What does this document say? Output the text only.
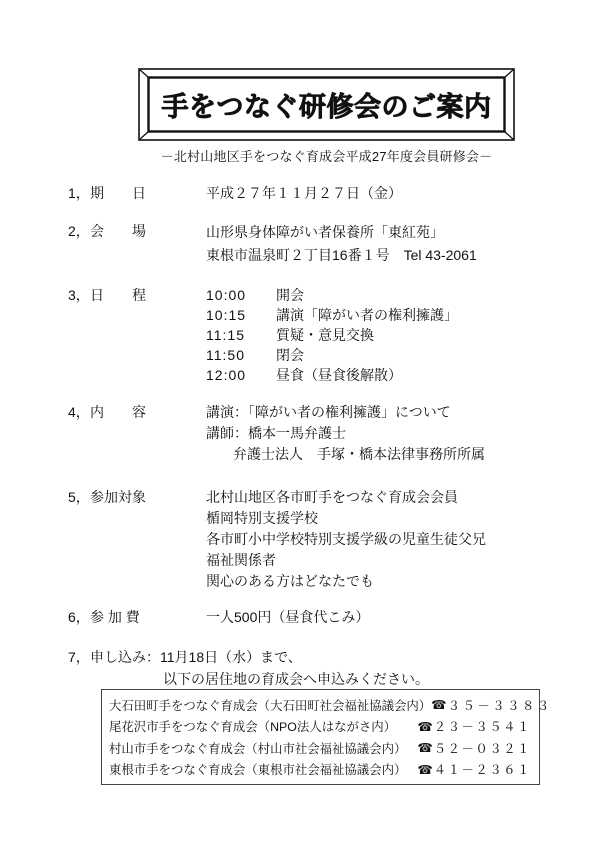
手をつなぐ研修会のご案内
－北村山地区手をつなぐ育成会平成27年度会員研修会－
1， 期　　日	平成２７年１１月２７日（金）
2， 会　　場	山形県身体障がい者保養所「東紅苑」
東根市温泉町２丁目16番１号　Tel 43-2061
3， 日　　程	10:00	開会
10:15	講演「障がい者の権利擁護」
11:15	質疑・意見交換
11:50	閉会
12:00	昼食（昼食後解散）
4， 内　　容	講演：「障がい者の権利擁護」について
講師：橋本一馬弁護士
弁護士法人　手塚・橋本法律事務所所属
5， 参加対象	北村山地区各市町手をつなぐ育成会会員
楯岡特別支援学校
各市町小中学校特別支援学級の児童生徒父兄
福祉関係者
関心のある方はどなたでも
6， 参 加 費	一人500円（昼食代こみ）
7，申し込み：11月18日（水）まで、
以下の居住地の育成会へ申込みください。
大石田町手をつなぐ育成会（大石田町社会福祉協議会内） ☎ ３５－３３８３
尾花沢市手をつなぐ育成会（NPO法人はながさ内） ☎ ２３－３５４１
村山市手をつなぐ育成会（村山市社会福祉協議会内） ☎ ５２－０３２１
東根市手をつなぐ育成会（東根市社会福祉協議会内） ☎ ４１－２３６１
